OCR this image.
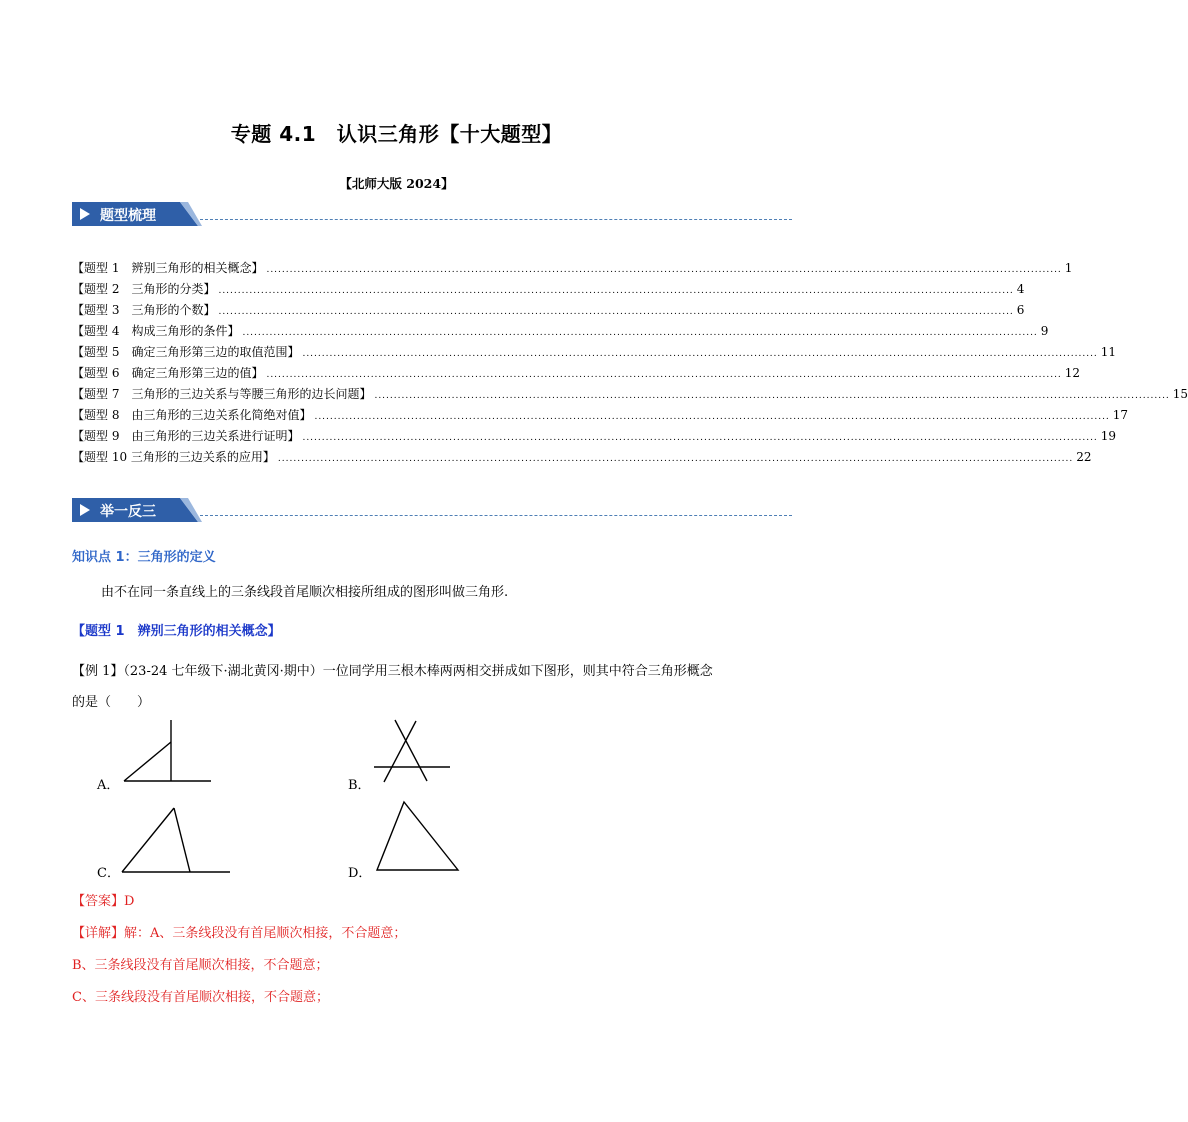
专题 4.1　认识三角形【十大题型】
【北师大版 2024】
题型梳理
【题型 1　辨别三角形的相关概念】 .............................................................................................................................................................................................................. 1
【题型 2　三角形的分类】 .............................................................................................................................................................................................................. 4
【题型 3　三角形的个数】 .............................................................................................................................................................................................................. 6
【题型 4　构成三角形的条件】 .............................................................................................................................................................................................................. 9
【题型 5　确定三角形第三边的取值范围】 .............................................................................................................................................................................................................. 11
【题型 6　确定三角形第三边的值】 .............................................................................................................................................................................................................. 12
【题型 7　三角形的三边关系与等腰三角形的边长问题】 .............................................................................................................................................................................................................. 15
【题型 8　由三角形的三边关系化简绝对值】 .............................................................................................................................................................................................................. 17
【题型 9　由三角形的三边关系进行证明】 .............................................................................................................................................................................................................. 19
【题型 10 三角形的三边关系的应用】 .............................................................................................................................................................................................................. 22
举一反三
知识点 1：三角形的定义
由不在同一条直线上的三条线段首尾顺次相接所组成的图形叫做三角形.
【题型 1　辨别三角形的相关概念】
【例 1】（23-24 七年级下·湖北黄冈·期中）一位同学用三根木棒两两相交拼成如下图形，则其中符合三角形概念的是（　　）
A．	B．
C．	D．
【答案】D
【详解】解：A、三条线段没有首尾顺次相接，不合题意；
B、三条线段没有首尾顺次相接，不合题意；
C、三条线段没有首尾顺次相接，不合题意；
